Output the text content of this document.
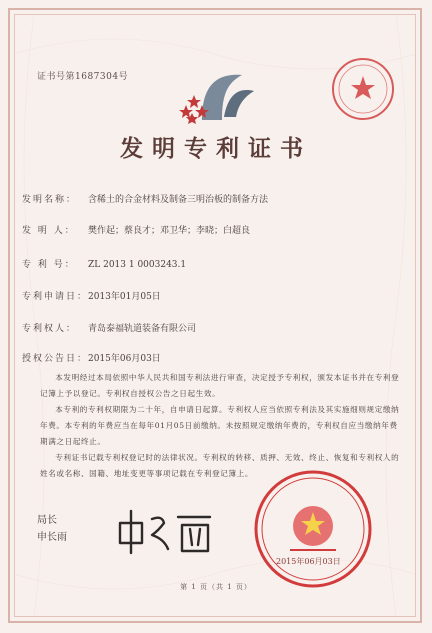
证书号第1687304号
发明专利证书
发明名称： 含稀土的合金材料及制备三明治板的制备方法
发 明 人： 樊作起；蔡良才；邓卫华；李晓；白超良
专 利 号： ZL 2013 1 0003243.1
专利申请日：2013年01月05日
专利权人： 青岛泰福轨道装备有限公司
授权公告日：2015年06月03日

本发明经过本局依照中华人民共和国专利法进行审查，决定授予专利权，颁发本证书并在专利登记簿上予以登记。专利权自授权公告之日起生效。

本专利的专利权期限为二十年，自申请日起算。专利权人应当依照专利法及其实施细则规定缴纳年费。本专利的年费应当在每年01月05日前缴纳。未按照规定缴纳年费的，专利权自应当缴纳年费期满之日起终止。

专利证书记载专利权登记时的法律状况。专利权的转移、质押、无效、终止、恢复和专利权人的姓名或名称、国籍、地址变更等事项记载在专利登记簿上。

局长
申长雨
2015年06月03日
第 1 页（共 1 页）
